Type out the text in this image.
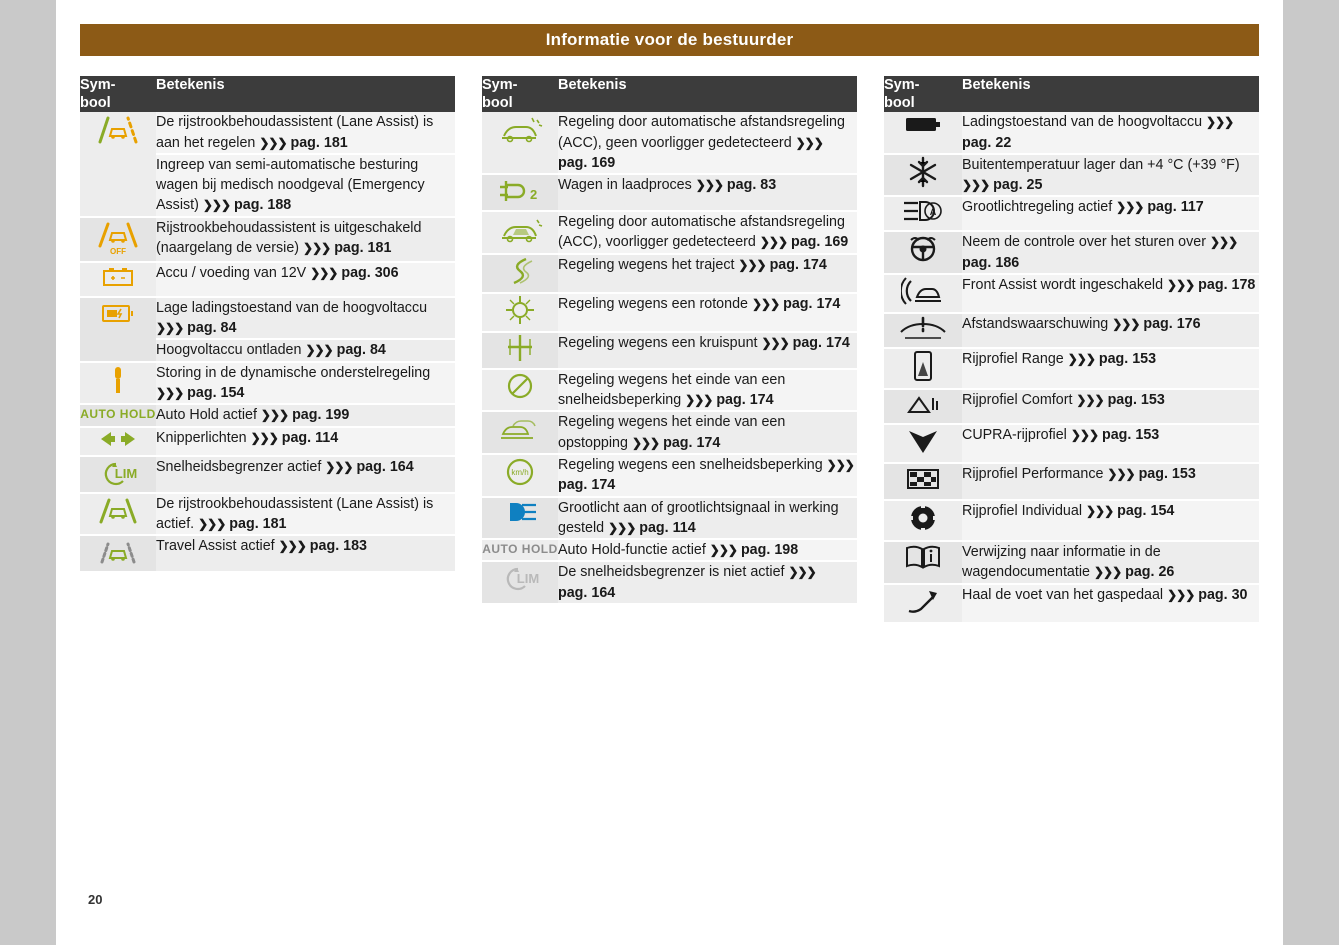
Informatie voor de bestuurder
Sym-
bool	Betekenis

	De rijstrookbehoudassistent (Lane Assist) is aan het regelen ❯❯❯ pag. 181
	Ingreep van semi-automatische besturing wagen bij medisch noodgeval (Emergency Assist) ❯❯❯ pag. 188

OFF	Rijstrookbehoudassistent is uitgeschakeld (naargelang de versie) ❯❯❯ pag. 181

	Accu / voeding van 12V ❯❯❯ pag. 306

	Lage ladingstoestand van de hoogvoltaccu ❯❯❯ pag. 84
	Hoogvoltaccu ontladen ❯❯❯ pag. 84

	Storing in de dynamische onderstelregeling ❯❯❯ pag. 154
AUTO HOLD	Auto Hold actief ❯❯❯ pag. 199

	Knipperlichten ❯❯❯ pag. 114

LIM	Snelheidsbegrenzer actief ❯❯❯ pag. 164

	De rijstrookbehoudassistent (Lane Assist) is actief. ❯❯❯ pag. 181

	Travel Assist actief ❯❯❯ pag. 183
Sym-
bool	Betekenis

	Regeling door automatische afstandsregeling (ACC), geen voorligger gedetecteerd ❯❯❯ pag. 169

2	Wagen in laadproces ❯❯❯ pag. 83

	Regeling door automatische afstandsregeling (ACC), voorligger gedetecteerd ❯❯❯ pag. 169

	Regeling wegens het traject ❯❯❯ pag. 174

	Regeling wegens een rotonde ❯❯❯ pag. 174

	Regeling wegens een kruispunt ❯❯❯ pag. 174

	Regeling wegens het einde van een snelheidsbeperking ❯❯❯ pag. 174

	Regeling wegens het einde van een opstopping ❯❯❯ pag. 174

km/h	Regeling wegens een snelheidsbeperking ❯❯❯ pag. 174

	Grootlicht aan of grootlichtsignaal in werking gesteld ❯❯❯ pag. 114
AUTO HOLD	Auto Hold-functie actief ❯❯❯ pag. 198

LIM	De snelheidsbegrenzer is niet actief ❯❯❯ pag. 164
Sym-
bool	Betekenis

	Ladingstoestand van de hoogvoltaccu ❯❯❯ pag. 22

	Buitentemperatuur lager dan +4 °C (+39 °F) ❯❯❯ pag. 25

A	Grootlichtregeling actief ❯❯❯ pag. 117

	Neem de controle over het sturen over ❯❯❯ pag. 186

	Front Assist wordt ingeschakeld ❯❯❯ pag. 178

	Afstandswaarschuwing ❯❯❯ pag. 176

	Rijprofiel Range ❯❯❯ pag. 153

	Rijprofiel Comfort ❯❯❯ pag. 153

	CUPRA-rijprofiel ❯❯❯ pag. 153

	Rijprofiel Performance ❯❯❯ pag. 153

	Rijprofiel Individual ❯❯❯ pag. 154

	Verwijzing naar informatie in de wagendocumentatie ❯❯❯ pag. 26

	Haal de voet van het gaspedaal ❯❯❯ pag. 30
20
